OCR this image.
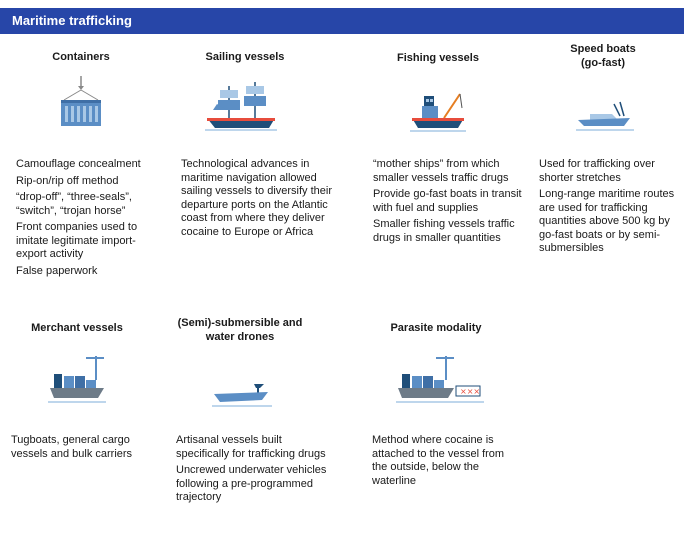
Maritime trafficking
Containers

Camouflage concealment

Rip-on/rip off method

“drop-off”, “three-seals”, “switch”, “trojan horse”

Front companies used to imitate legitimate import-export activity

False paperwork

Sailing vessels

Technological advances in maritime navigation allowed sailing vessels to diversify their departure ports on the Atlantic coast from where they deliver cocaine to Europe or Africa

Fishing vessels

“mother ships” from which smaller vessels traffic drugs

Provide go-fast boats in transit with fuel and supplies

Smaller fishing vessels traffic drugs in smaller quantities

Speed boats
(go-fast)

Used for trafficking over shorter stretches

Long-range maritime routes are used for trafficking quantities above 500 kg by go-fast boats or by semi-submersibles

Merchant vessels

Tugboats, general cargo vessels and bulk carriers

(Semi)-submersible and
water drones

Artisanal vessels built specifically for trafficking drugs

Uncrewed underwater vehicles following a pre-programmed trajectory

Parasite modality
×××

Method where cocaine is attached to the vessel from the outside, below the waterline
